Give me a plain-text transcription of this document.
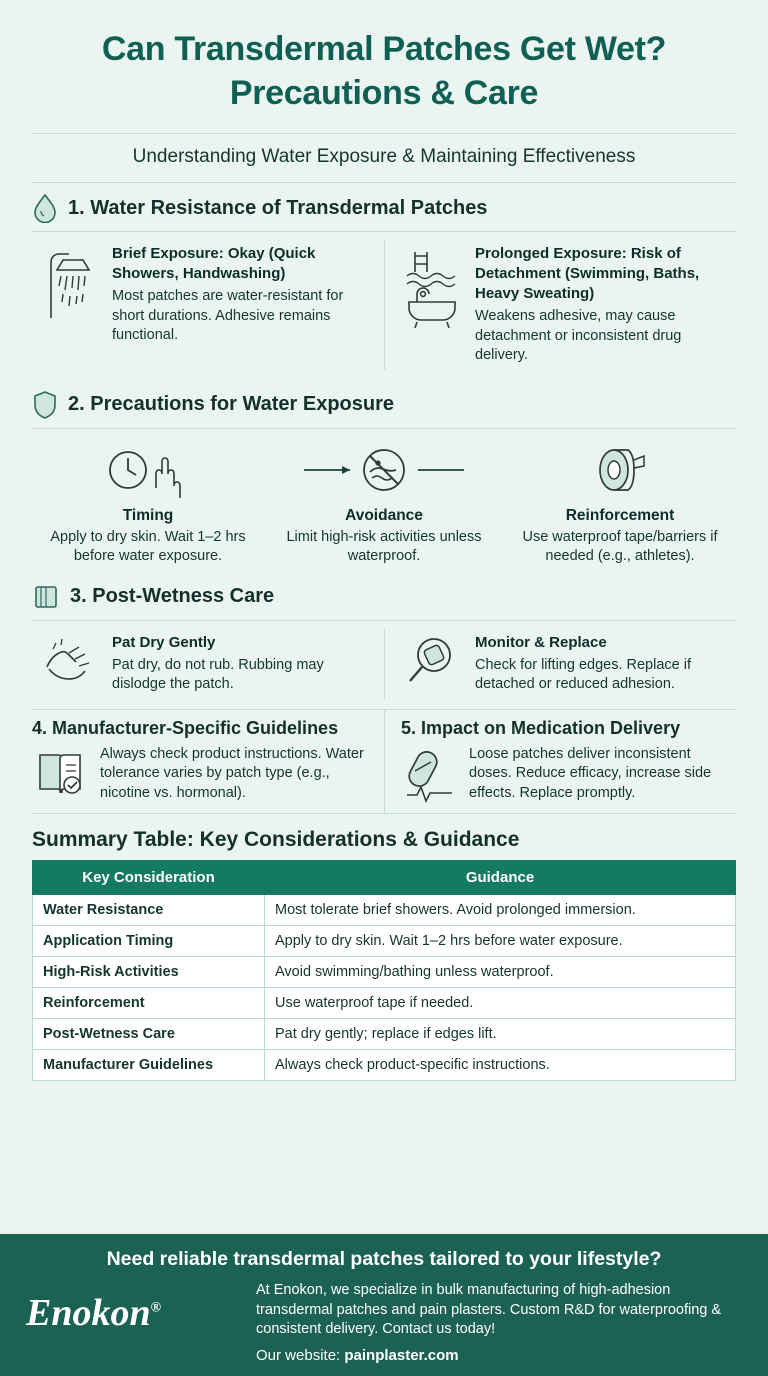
Can Transdermal Patches Get Wet? Precautions & Care
Understanding Water Exposure & Maintaining Effectiveness
1. Water Resistance of Transdermal Patches
Brief Exposure: Okay (Quick Showers, Handwashing)
Most patches are water-resistant for short durations. Adhesive remains functional.
Prolonged Exposure: Risk of Detachment (Swimming, Baths, Heavy Sweating)
Weakens adhesive, may cause detachment or inconsistent drug delivery.
2. Precautions for Water Exposure
Timing
Apply to dry skin. Wait 1–2 hrs before water exposure.
Avoidance
Limit high-risk activities unless waterproof.
Reinforcement
Use waterproof tape/barriers if needed (e.g., athletes).
3. Post-Wetness Care
Pat Dry Gently
Pat dry, do not rub. Rubbing may dislodge the patch.
Monitor & Replace
Check for lifting edges. Replace if detached or reduced adhesion.
4. Manufacturer-Specific Guidelines

Always check product instructions. Water tolerance varies by patch type (e.g., nicotine vs. hormonal).

5. Impact on Medication Delivery

Loose patches deliver inconsistent doses. Reduce efficacy, increase side effects. Replace promptly.

Summary Table: Key Considerations & Guidance
Key Consideration	Guidance
Water Resistance	Most tolerate brief showers. Avoid prolonged immersion.
Application Timing	Apply to dry skin. Wait 1–2 hrs before water exposure.
High-Risk Activities	Avoid swimming/bathing unless waterproof.
Reinforcement	Use waterproof tape if needed.
Post-Wetness Care	Pat dry gently; replace if edges lift.
Manufacturer Guidelines	Always check product-specific instructions.
Need reliable transdermal patches tailored to your lifestyle?
Enokon®
At Enokon, we specialize in bulk manufacturing of high-adhesion transdermal patches and pain plasters. Custom R&D for waterproofing & consistent delivery. Contact us today!
Our website: painplaster.com
